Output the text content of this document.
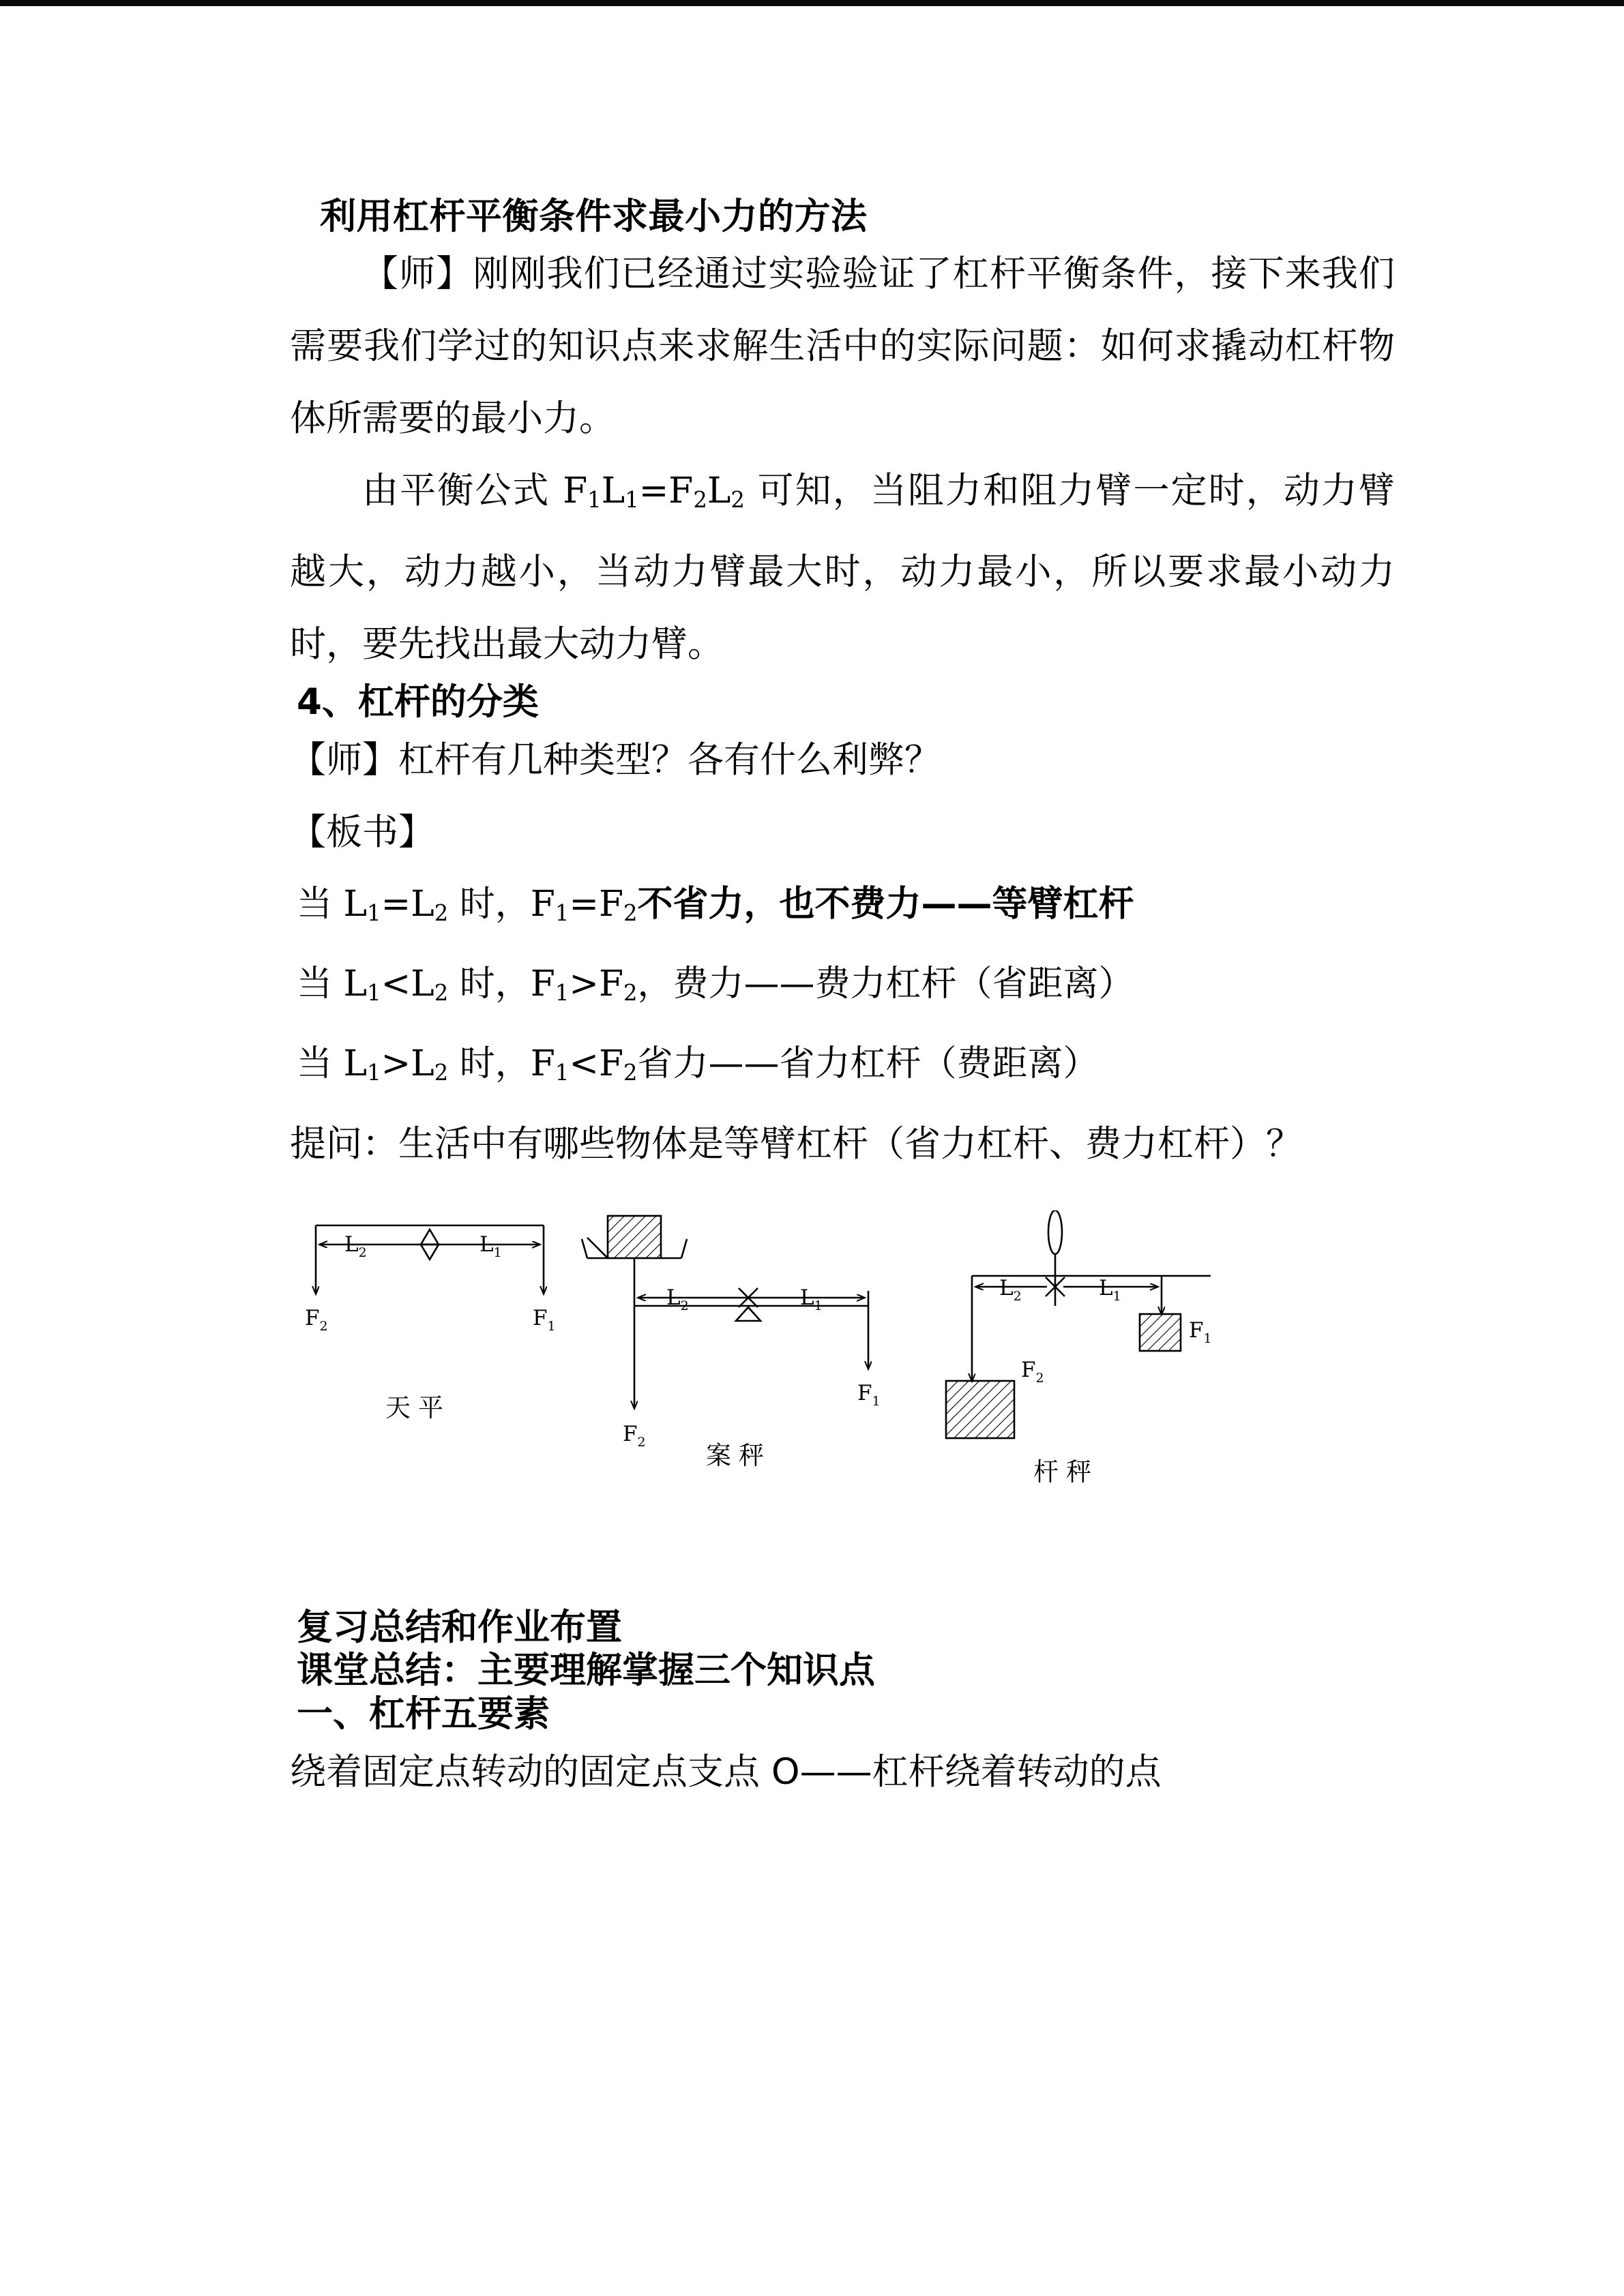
利用杠杆平衡条件求最小力的方法

【师】刚刚我们已经通过实验验证了杠杆平衡条件，接下来我们需要我们学过的知识点来求解生活中的实际问题：如何求撬动杠杆物体所需要的最小力。

由平衡公式 $F_1L_1=F_2L_2$ 可知，当阻力和阻力臂一定时，动力臂越大，动力越小，当动力臂最大时，动力最小，所以要求最小动力时，要先找出最大动力臂。

4、杠杆的分类

【师】杠杆有几种类型？各有什么利弊？

【板书】

当 $L_1=L_2$ 时，$F_1=F_2$不省力，也不费力——等臂杠杆

当 $L_1<L_2$ 时，$F_1>F_2$，费力——费力杠杆（省距离）

当 $L_1>L_2$ 时，$F_1<F_2$省力——省力杠杆（费距离）

提问：生活中有哪些物体是等臂杠杆（省力杠杆、费力杠杆）？

$L_2$	$L_1$
$F_2$	$F_1$
天平
$L_2$	$L_1$
$F_2$
$F_1$
案秤
$L_2$	$L_1$
$F_1$
$F_2$
杆秤

复习总结和作业布置

课堂总结：主要理解掌握三个知识点

一、杠杆五要素

绕着固定点转动的固定点支点 O——杠杆绕着转动的点
